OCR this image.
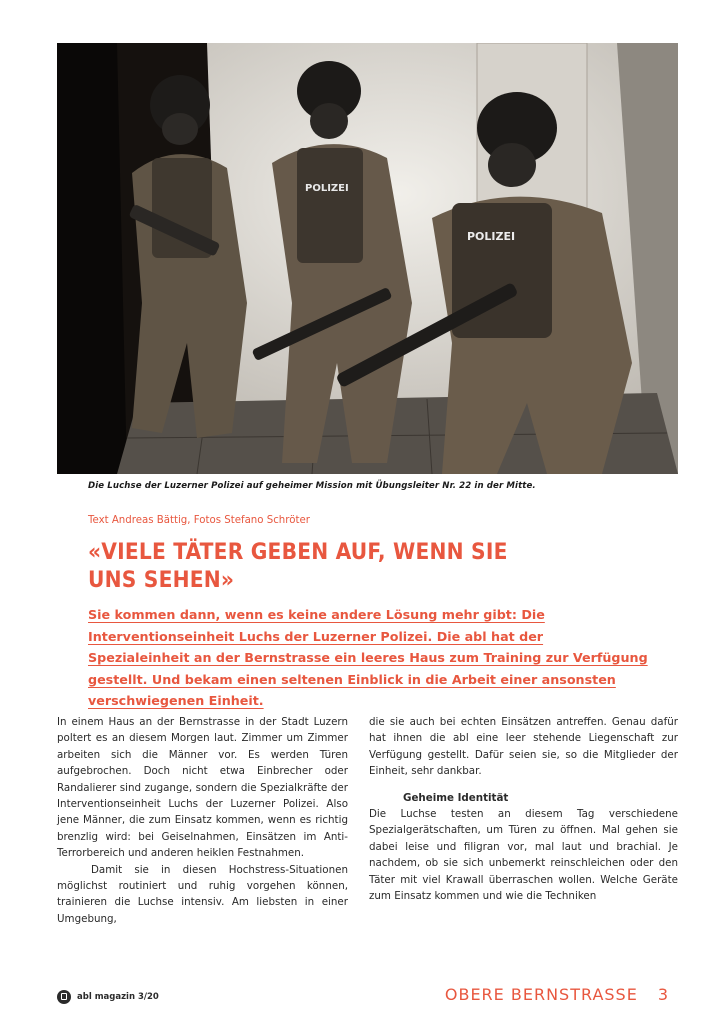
POLIZEI
POLIZEI
Die Luchse der Luzerner Polizei auf geheimer Mission mit Übungsleiter Nr. 22 in der Mitte.
Text Andreas Bättig, Fotos Stefano Schröter
«VIELE TÄTER GEBEN AUF, WENN SIE
UNS SEHEN»
Sie kommen dann, wenn es keine andere Lösung mehr gibt: Die Interventionseinheit Luchs der Luzerner Polizei. Die abl hat der Spezialeinheit an der Bernstrasse ein leeres Haus zum Training zur Verfügung gestellt. Und bekam einen seltenen Einblick in die Arbeit einer ansonsten verschwiegenen Einheit.

In einem Haus an der Bernstrasse in der Stadt Luzern poltert es an diesem Morgen laut. Zimmer um Zimmer arbeiten sich die Männer vor. Es werden Türen aufgebrochen. Doch nicht etwa Einbrecher oder Randalierer sind zugange, sondern die Spezialkräfte der Interventionseinheit Luchs der Luzerner Polizei. Also jene Männer, die zum Einsatz kommen, wenn es richtig brenzlig wird: bei Geiselnahmen, Einsätzen im Anti-Terrorbereich und anderen heiklen Festnahmen.

Damit sie in diesen Hochstress-Situationen möglichst routiniert und ruhig vorgehen können, trainieren die Luchse intensiv. Am liebsten in einer Umgebung,

die sie auch bei echten Einsätzen antreffen. Genau dafür hat ihnen die abl eine leer stehende Liegenschaft zur Verfügung gestellt. Dafür seien sie, so die Mitglieder der Einheit, sehr dankbar.

Geheime Identität

Die Luchse testen an diesem Tag verschiedene Spezialgerätschaften, um Türen zu öffnen. Mal gehen sie dabei leise und filigran vor, mal laut und brachial. Je nachdem, ob sie sich unbemerkt reinschleichen oder den Täter mit viel Krawall überraschen wollen. Welche Geräte zum Einsatz kommen und wie die Techniken

abl magazin 3/20	OBERE BERNSTRASSE 3
